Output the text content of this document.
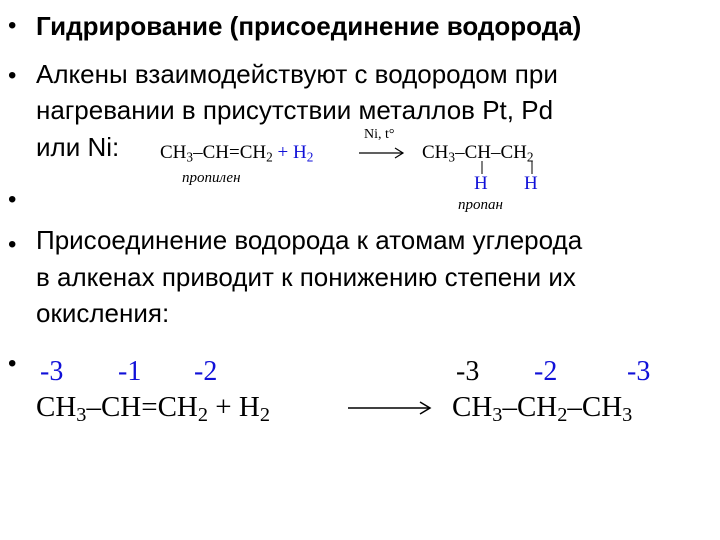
•
•
•
•
•
Гидрирование (присоединение водорода)
Алкены взаимодействуют с водородом при
нагревании в присутствии металлов Pt, Pd
или Ni:
Присоединение водорода к атомам углерода
в алкенах приводит к понижению степени их
окисления:
CH3–CH=CH2 + H2
Ni, t°
→ CH3–CH–CH2
H H
пропилен
пропан
-3 -1 -2	-3 -2 -3
CH3–CH=CH2 + H2	CH3–CH2–CH3
